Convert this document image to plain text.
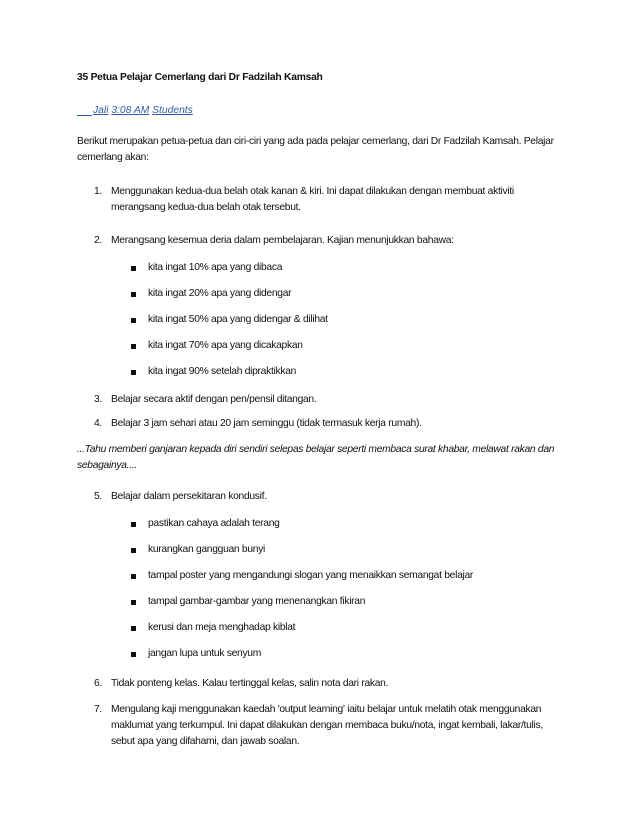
35 Petua Pelajar Cemerlang dari Dr Fadzilah Kamsah
Jali 3:08 AM Students
Berikut merupakan petua-petua dan ciri-ciri yang ada pada pelajar cemerlang, dari Dr Fadzilah Kamsah. Pelajar cemerlang akan:
1. Menggunakan kedua-dua belah otak kanan & kiri. Ini dapat dilakukan dengan membuat aktiviti merangsang kedua-dua belah otak tersebut.
2. Merangsang kesemua deria dalam pembelajaran. Kajian menunjukkan bahawa:
kita ingat 10% apa yang dibaca
kita ingat 20% apa yang didengar
kita ingat 50% apa yang didengar & dilihat
kita ingat 70% apa yang dicakapkan
kita ingat 90% setelah dipraktikkan
3. Belajar secara aktif dengan pen/pensil ditangan.
4. Belajar 3 jam sehari atau 20 jam seminggu (tidak termasuk kerja rumah).
...Tahu memberi ganjaran kepada diri sendiri selepas belajar seperti membaca surat khabar, melawat rakan dan sebagainya....
5. Belajar dalam persekitaran kondusif.
pastikan cahaya adalah terang
kurangkan gangguan bunyi
tampal poster yang mengandungi slogan yang menaikkan semangat belajar
tampal gambar-gambar yang menenangkan fikiran
kerusi dan meja menghadap kiblat
jangan lupa untuk senyum
6. Tidak ponteng kelas. Kalau tertinggal kelas, salin nota dari rakan.
7. Mengulang kaji menggunakan kaedah 'output learning' iaitu belajar untuk melatih otak menggunakan maklumat yang terkumpul. Ini dapat dilakukan dengan membaca buku/nota, ingat kembali, lakar/tulis, sebut apa yang difahami, dan jawab soalan.
